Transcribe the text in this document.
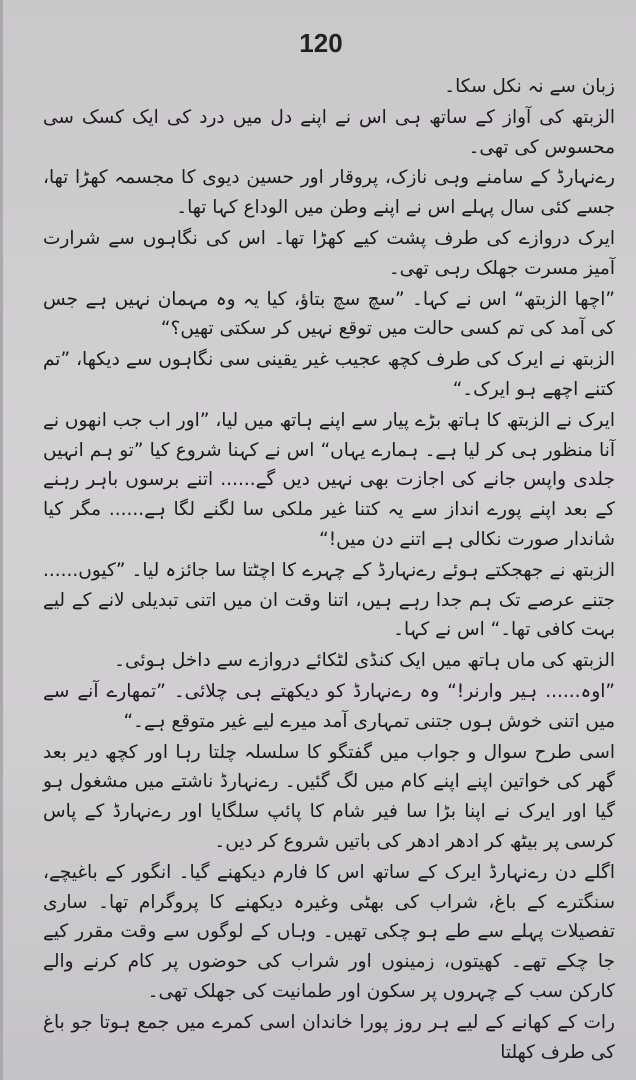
120

زبان سے نہ نکل سکا۔

الزبتھ کی آواز کے ساتھ ہی اس نے اپنے دل میں درد کی ایک کسک سی محسوس کی تھی۔

رےنہارڈ کے سامنے وہی نازک، پروقار اور حسین دیوی کا مجسمہ کھڑا تھا، جسے کئی سال پہلے اس نے اپنے وطن میں الوداع کہا تھا۔

ایرک دروازے کی طرف پشت کیے کھڑا تھا۔ اس کی نگاہوں سے شرارت آمیز مسرت جھلک رہی تھی۔

”اچھا الزبتھ“ اس نے کہا۔ ”سچ سچ بتاؤ، کیا یہ وہ مہمان نہیں ہے جس کی آمد کی تم کسی حالت میں توقع نہیں کر سکتی تھیں؟“

الزبتھ نے ایرک کی طرف کچھ عجیب غیر یقینی سی نگاہوں سے دیکھا، ”تم کتنے اچھے ہو ایرک۔“

ایرک نے الزبتھ کا ہاتھ بڑے پیار سے اپنے ہاتھ میں لیا، ”اور اب جب انھوں نے آنا منظور ہی کر لیا ہے۔ ہمارے یہاں“ اس نے کہنا شروع کیا ”تو ہم انہیں جلدی واپس جانے کی اجازت بھی نہیں دیں گے...... اتنے برسوں باہر رہنے کے بعد اپنے پورے انداز سے یہ کتنا غیر ملکی سا لگنے لگا ہے...... مگر کیا شاندار صورت نکالی ہے اتنے دن میں!“

الزبتھ نے جھجکتے ہوئے رےنہارڈ کے چہرے کا اچٹتا سا جائزہ لیا۔ ”کیوں...... جتنے عرصے تک ہم جدا رہے ہیں، اتنا وقت ان میں اتنی تبدیلی لانے کے لیے بہت کافی تھا۔“ اس نے کہا۔

الزبتھ کی ماں ہاتھ میں ایک کنڈی لٹکائے دروازے سے داخل ہوئی۔

”اوہ...... ہیر وارنر!“ وہ رےنہارڈ کو دیکھتے ہی چلائی۔ ”تمھارے آنے سے میں اتنی خوش ہوں جتنی تمہاری آمد میرے لیے غیر متوقع ہے۔“

اسی طرح سوال و جواب میں گفتگو کا سلسلہ چلتا رہا اور کچھ دیر بعد گھر کی خواتین اپنے اپنے کام میں لگ گئیں۔ رےنہارڈ ناشتے میں مشغول ہو گیا اور ایرک نے اپنا بڑا سا فیر شام کا پائپ سلگایا اور رےنہارڈ کے پاس کرسی پر بیٹھ کر ادھر ادھر کی باتیں شروع کر دیں۔

اگلے دن رےنہارڈ ایرک کے ساتھ اس کا فارم دیکھنے گیا۔ انگور کے باغیچے، سنگترے کے باغ، شراب کی بھٹی وغیرہ دیکھنے کا پروگرام تھا۔ ساری تفصیلات پہلے سے طے ہو چکی تھیں۔ وہاں کے لوگوں سے وقت مقرر کیے جا چکے تھے۔ کھیتوں، زمینوں اور شراب کی حوضوں پر کام کرنے والے کارکن سب کے چہروں پر سکون اور طمانیت کی جھلک تھی۔

رات کے کھانے کے لیے ہر روز پورا خاندان اسی کمرے میں جمع ہوتا جو باغ کی طرف کھلتا
